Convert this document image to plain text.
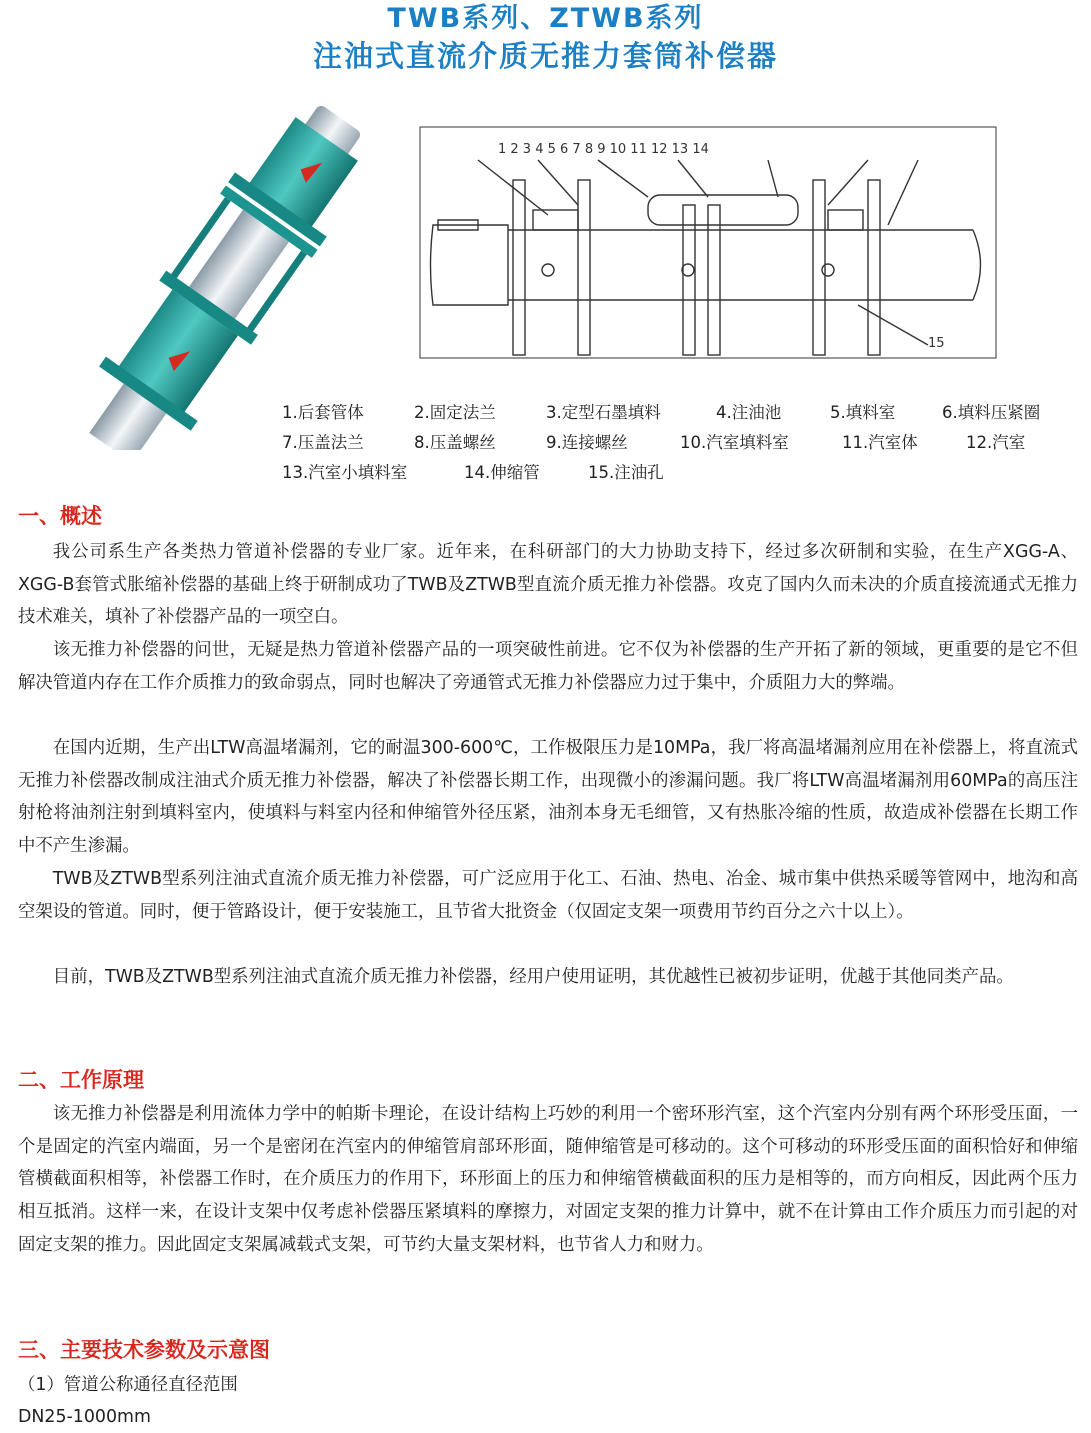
TWB系列、ZTWB系列
注油式直流介质无推力套筒补偿器
1 2 3 4 5 6 7 8 9 10 11 12 13 14
15
1.后套管体	2.固定法兰	3.定型石墨填料	4.注油池	5.填料室	6.填料压紧圈
7.压盖法兰	8.压盖螺丝	9.连接螺丝	10.汽室填料室	11.汽室体	12.汽室
13.汽室小填料室	14.伸缩管	15.注油孔
一、概述
我公司系生产各类热力管道补偿器的专业厂家。近年来，在科研部门的大力协助支持下，经过多次研制和实验，在生产XGG-A、 XGG-B套管式胀缩补偿器的基础上终于研制成功了TWB及ZTWB型直流介质无推力补偿器。攻克了国内久而未决的介质直接流通式无推力技术难关，填补了补偿器产品的一项空白。
该无推力补偿器的问世，无疑是热力管道补偿器产品的一项突破性前进。它不仅为补偿器的生产开拓了新的领域，更重要的是它不但解决管道内存在工作介质推力的致命弱点，同时也解决了旁通管式无推力补偿器应力过于集中，介质阻力大的弊端。
在国内近期，生产出LTW高温堵漏剂，它的耐温300-600℃，工作极限压力是10MPa，我厂将高温堵漏剂应用在补偿器上，将直流式无推力补偿器改制成注油式介质无推力补偿器，解决了补偿器长期工作，出现微小的渗漏问题。我厂将LTW高温堵漏剂用60MPa的高压注射枪将油剂注射到填料室内，使填料与料室内径和伸缩管外径压紧，油剂本身无毛细管，又有热胀冷缩的性质，故造成补偿器在长期工作中不产生渗漏。
TWB及ZTWB型系列注油式直流介质无推力补偿器，可广泛应用于化工、石油、热电、冶金、城市集中供热采暖等管网中，地沟和高空架设的管道。同时，便于管路设计，便于安装施工，且节省大批资金（仅固定支架一项费用节约百分之六十以上）。
目前，TWB及ZTWB型系列注油式直流介质无推力补偿器，经用户使用证明，其优越性已被初步证明，优越于其他同类产品。
二、工作原理
该无推力补偿器是利用流体力学中的帕斯卡理论，在设计结构上巧妙的利用一个密环形汽室，这个汽室内分别有两个环形受压面，一个是固定的汽室内端面，另一个是密闭在汽室内的伸缩管肩部环形面，随伸缩管是可移动的。这个可移动的环形受压面的面积恰好和伸缩管横截面积相等，补偿器工作时，在介质压力的作用下，环形面上的压力和伸缩管横截面积的压力是相等的，而方向相反，因此两个压力相互抵消。这样一来，在设计支架中仅考虑补偿器压紧填料的摩擦力，对固定支架的推力计算中，就不在计算由工作介质压力而引起的对固定支架的推力。因此固定支架属减载式支架，可节约大量支架材料，也节省人力和财力。
三、主要技术参数及示意图
（1）管道公称通径直径范围
DN25-1000mm
